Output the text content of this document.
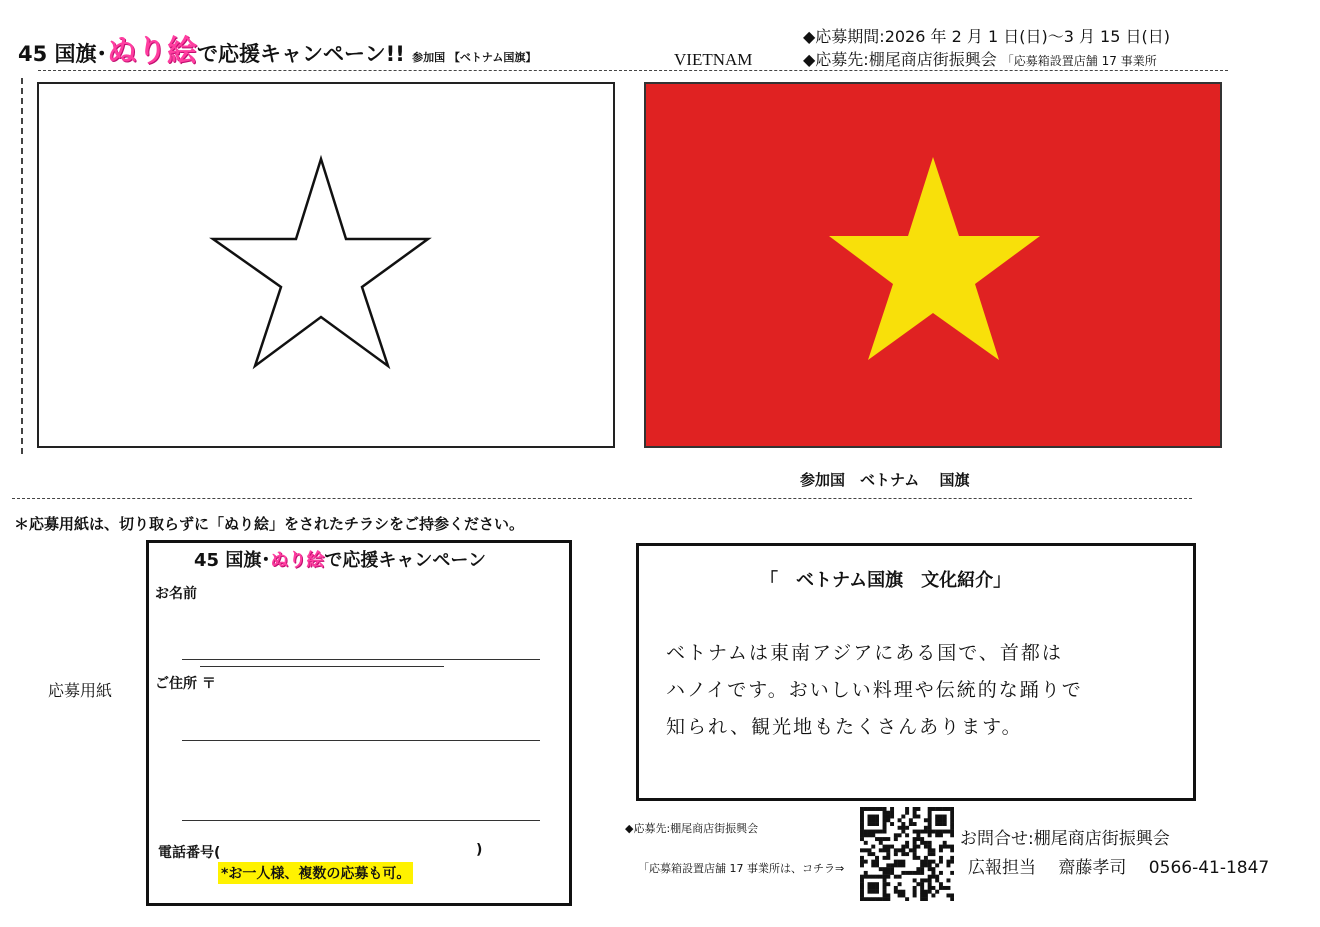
45 国旗･ぬり絵で応援キャンペーン!! 参加国 【ベトナム国旗】
◆応募期間:2026 年 2 月 1 日(日)～3 月 15 日(日)
◆応募先:棚尾商店街振興会 「応募箱設置店舗 17 事業所
VIETNAM
参加国　ベトナム　 国旗
＊応募用紙は、切り取らずに「ぬり絵」をされたチラシをご持参ください。
応募用紙
45 国旗･ぬり絵で応援キャンペーン
お名前
ご住所 〒
電話番号(	)
*お一人様、複数の応募も可。
「　ベトナム国旗　文化紹介」
ベトナムは東南アジアにある国で、首都は
ハノイです。おいしい料理や伝統的な踊りで
知られ、観光地もたくさんあります。
◆応募先:棚尾商店街振興会
「応募箱設置店舗 17 事業所は、コチラ⇒
お問合せ:棚尾商店街振興会
広報担当　 齋藤孝司　 0566-41-1847
